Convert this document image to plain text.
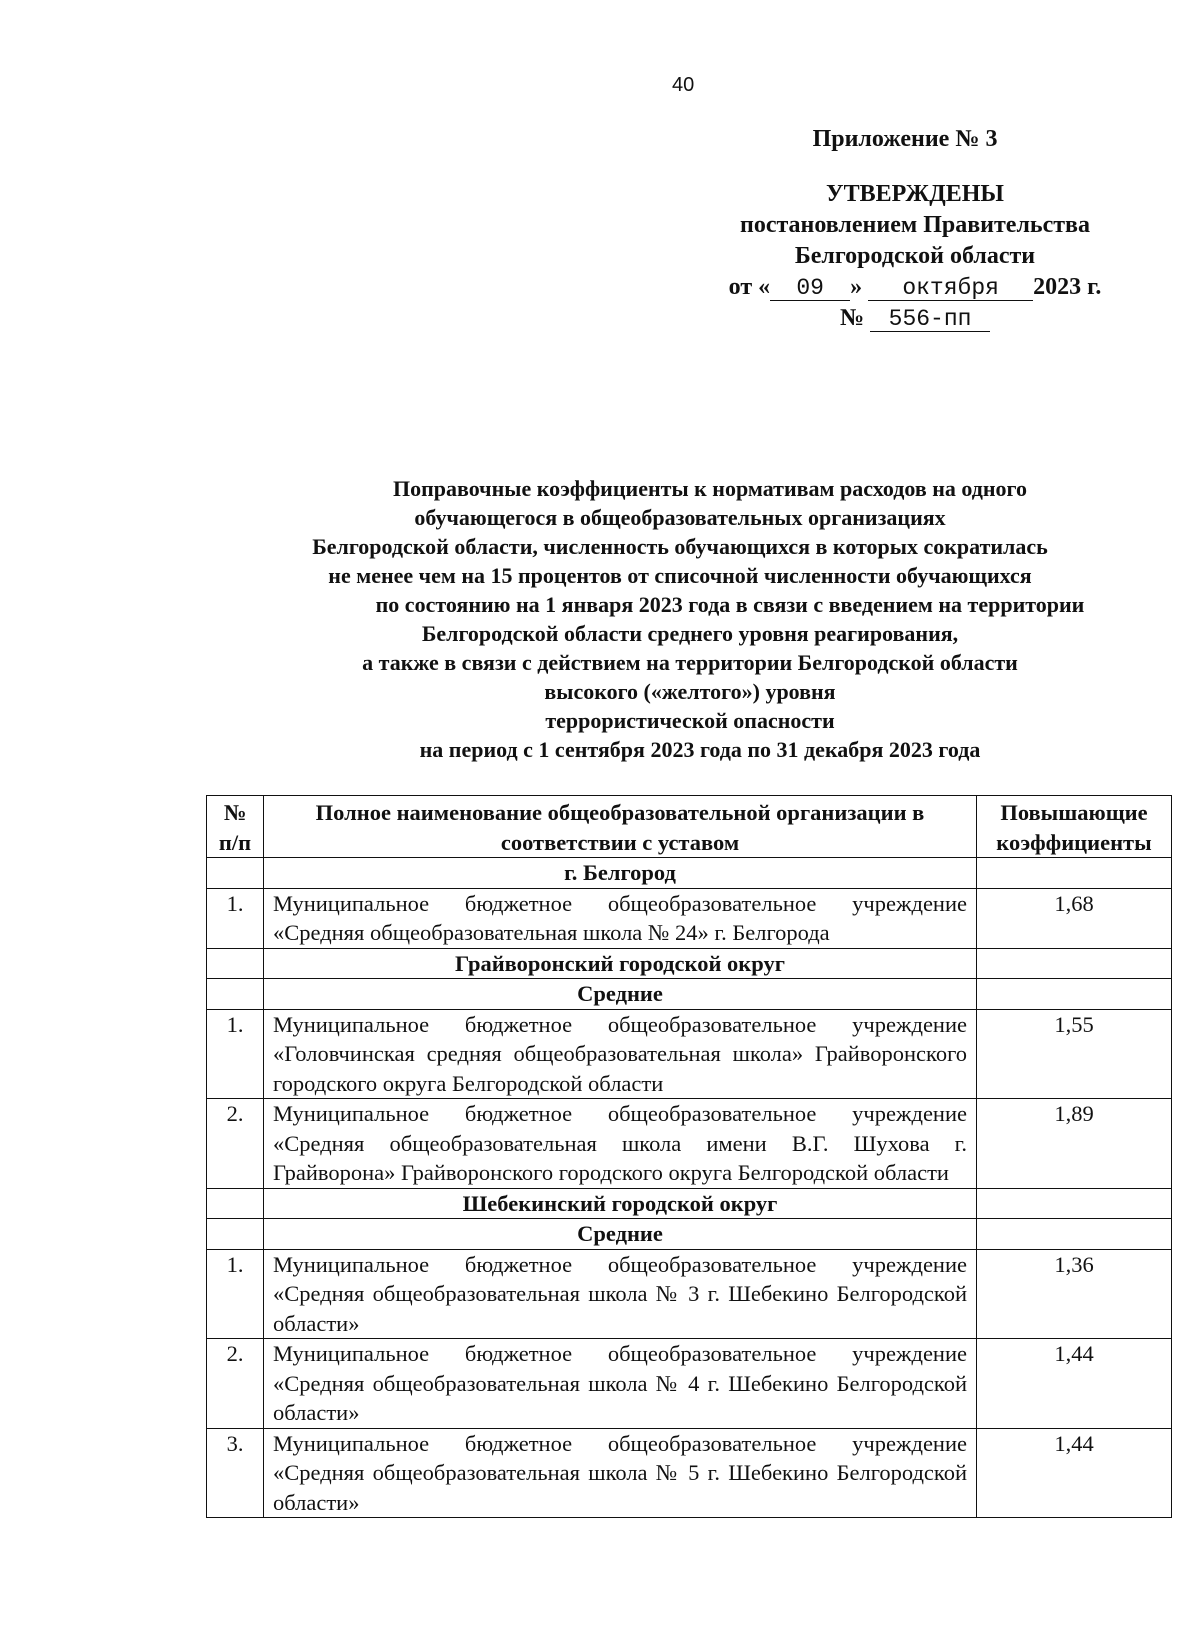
40
Приложение № 3
УТВЕРЖДЕНЫ
постановлением Правительства
Белгородской области
от « 09 » октября 2023 г.
№ 556-пп
Поправочные коэффициенты к нормативам расходов на одного
обучающегося в общеобразовательных организациях
Белгородской области, численность обучающихся в которых сократилась
не менее чем на 15 процентов от списочной численности обучающихся
по состоянию на 1 января 2023 года в связи с введением на территории
Белгородской области среднего уровня реагирования,
а также в связи с действием на территории Белгородской области
высокого («желтого») уровня
террористической опасности
на период с 1 сентября 2023 года по 31 декабря 2023 года
№ п/п	Полное наименование общеобразовательной организации в соответствии с уставом	Повышающие коэффициенты
	г. Белгород	
1.	Муниципальное бюджетное общеобразовательное учреждение «Средняя общеобразовательная школа № 24» г. Белгорода	1,68
	Грайворонский городской округ	
	Средние	
1.	Муниципальное бюджетное общеобразовательное учреждение «Головчинская средняя общеобразовательная школа» Грайворонского городского округа Белгородской области	1,55
2.	Муниципальное бюджетное общеобразовательное учреждение «Средняя общеобразовательная школа имени В.Г. Шухова г. Грайворона» Грайворонского городского округа Белгородской области	1,89
	Шебекинский городской округ	
	Средние	
1.	Муниципальное бюджетное общеобразовательное учреждение «Средняя общеобразовательная школа № 3 г. Шебекино Белгородской области»	1,36
2.	Муниципальное бюджетное общеобразовательное учреждение «Средняя общеобразовательная школа № 4 г. Шебекино Белгородской области»	1,44
3.	Муниципальное бюджетное общеобразовательное учреждение «Средняя общеобразовательная школа № 5 г. Шебекино Белгородской области»	1,44
